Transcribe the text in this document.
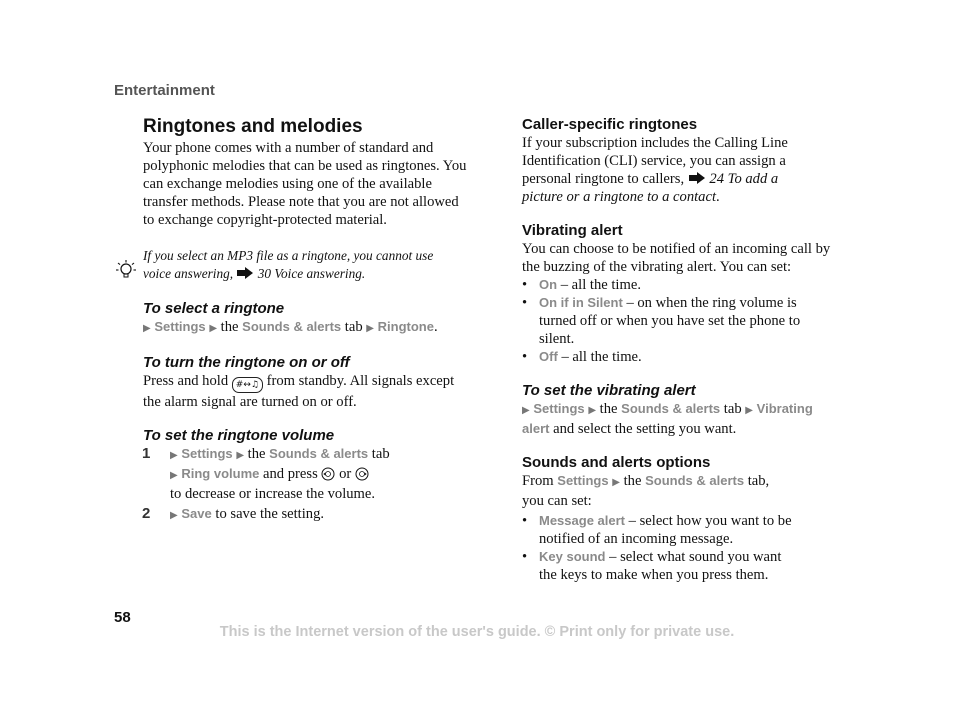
Entertainment
Ringtones and melodies
Your phone comes with a number of standard and polyphonic melodies that can be used as ringtones. You can exchange melodies using one of the available transfer methods. Please note that you are not allowed to exchange copyright-protected material.
If you select an MP3 file as a ringtone, you cannot use voice answering, 30 Voice answering.
To select a ringtone
▶ Settings ▶ the Sounds & alerts tab ▶ Ringtone.
To turn the ringtone on or off
Press and hold #↔♫ from standby. All signals except the alarm signal are turned on or off.
To set the ringtone volume
1	▶ Settings ▶ the Sounds & alerts tab
▶ Ring volume and press or
to decrease or increase the volume.
2	▶ Save to save the setting.
Caller-specific ringtones
If your subscription includes the Calling Line Identification (CLI) service, you can assign a personal ringtone to callers, 24 To add a picture or a ringtone to a contact.
Vibrating alert
You can choose to be notified of an incoming call by the buzzing of the vibrating alert. You can set:
• On – all the time.
• On if in Silent – on when the ring volume is turned off or when you have set the phone to silent.
• Off – all the time.
To set the vibrating alert
▶ Settings ▶ the Sounds & alerts tab ▶ Vibrating alert and select the setting you want.
Sounds and alerts options
From Settings ▶ the Sounds & alerts tab, you can set:
• Message alert – select how you want to be notified of an incoming message.
• Key sound – select what sound you want the keys to make when you press them.
58
This is the Internet version of the user's guide. © Print only for private use.
